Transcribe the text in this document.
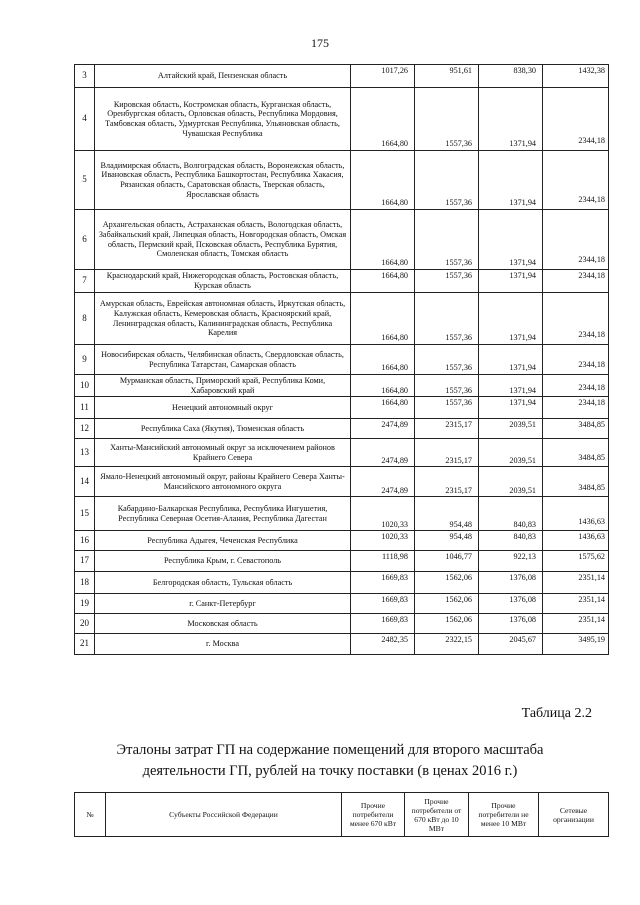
175
3	Алтайский край, Пензенская область	1017,26	951,61	838,30	1432,38
4	Кировская область, Костромская область, Курганская область, Оренбургская область, Орловская область, Республика Мордовия, Тамбовская область, Удмуртская Республика, Ульяновская область, Чувашская Республика	1664,80	1557,36	1371,94	2344,18
5	Владимирская область, Волгоградская область, Воронежская область, Ивановская область, Республика Башкортостан, Республика Хакасия, Рязанская область, Саратовская область, Тверская область, Ярославская область	1664,80	1557,36	1371,94	2344,18
6	Архангельская область, Астраханская область, Вологодская область, Забайкальский край, Липецкая область, Новгородская область, Омская область, Пермский край, Псковская область, Республика Бурятия, Смоленская область, Томская область	1664,80	1557,36	1371,94	2344,18
7	Краснодарский край, Нижегородская область, Ростовская область, Курская область	1664,80	1557,36	1371,94	2344,18
8	Амурская область, Еврейская автономная область, Иркутская область, Калужская область, Кемеровская область, Красноярский край, Ленинградская область, Калининградская область, Республика Карелия	1664,80	1557,36	1371,94	2344,18
9	Новосибирская область, Челябинская область, Свердловская область, Республика Татарстан, Самарская область	1664,80	1557,36	1371,94	2344,18
10	Мурманская область, Приморский край, Республика Коми, Хабаровский край	1664,80	1557,36	1371,94	2344,18
11	Ненецкий автономный округ	1664,80	1557,36	1371,94	2344,18
12	Республика Саха (Якутия), Тюменская область	2474,89	2315,17	2039,51	3484,85
13	Ханты-Мансийский автономный округ за исключением районов Крайнего Севера	2474,89	2315,17	2039,51	3484,85
14	Ямало-Ненецкий автономный округ, районы Крайнего Севера Ханты-Мансийского автономного округа	2474,89	2315,17	2039,51	3484,85
15	Кабардино-Балкарская Республика, Республика Ингушетия, Республика Северная Осетия-Алания, Республика Дагестан	1020,33	954,48	840,83	1436,63
16	Республика Адыгея, Чеченская Республика	1020,33	954,48	840,83	1436,63
17	Республика Крым, г. Севастополь	1118,98	1046,77	922,13	1575,62
18	Белгородская область, Тульская область	1669,83	1562,06	1376,08	2351,14
19	г. Санкт-Петербург	1669,83	1562,06	1376,08	2351,14
20	Московская область	1669,83	1562,06	1376,08	2351,14
21	г. Москва	2482,35	2322,15	2045,67	3495,19
Таблица 2.2
Эталоны затрат ГП на содержание помещений для второго масштаба деятельности ГП, рублей на точку поставки (в ценах 2016 г.)
№	Субъекты Российской Федерации	Прочие потребители менее 670 кВт	Прочие потребители от 670 кВт до 10 МВт	Прочие потребители не менее 10 МВт	Сетевые организации
